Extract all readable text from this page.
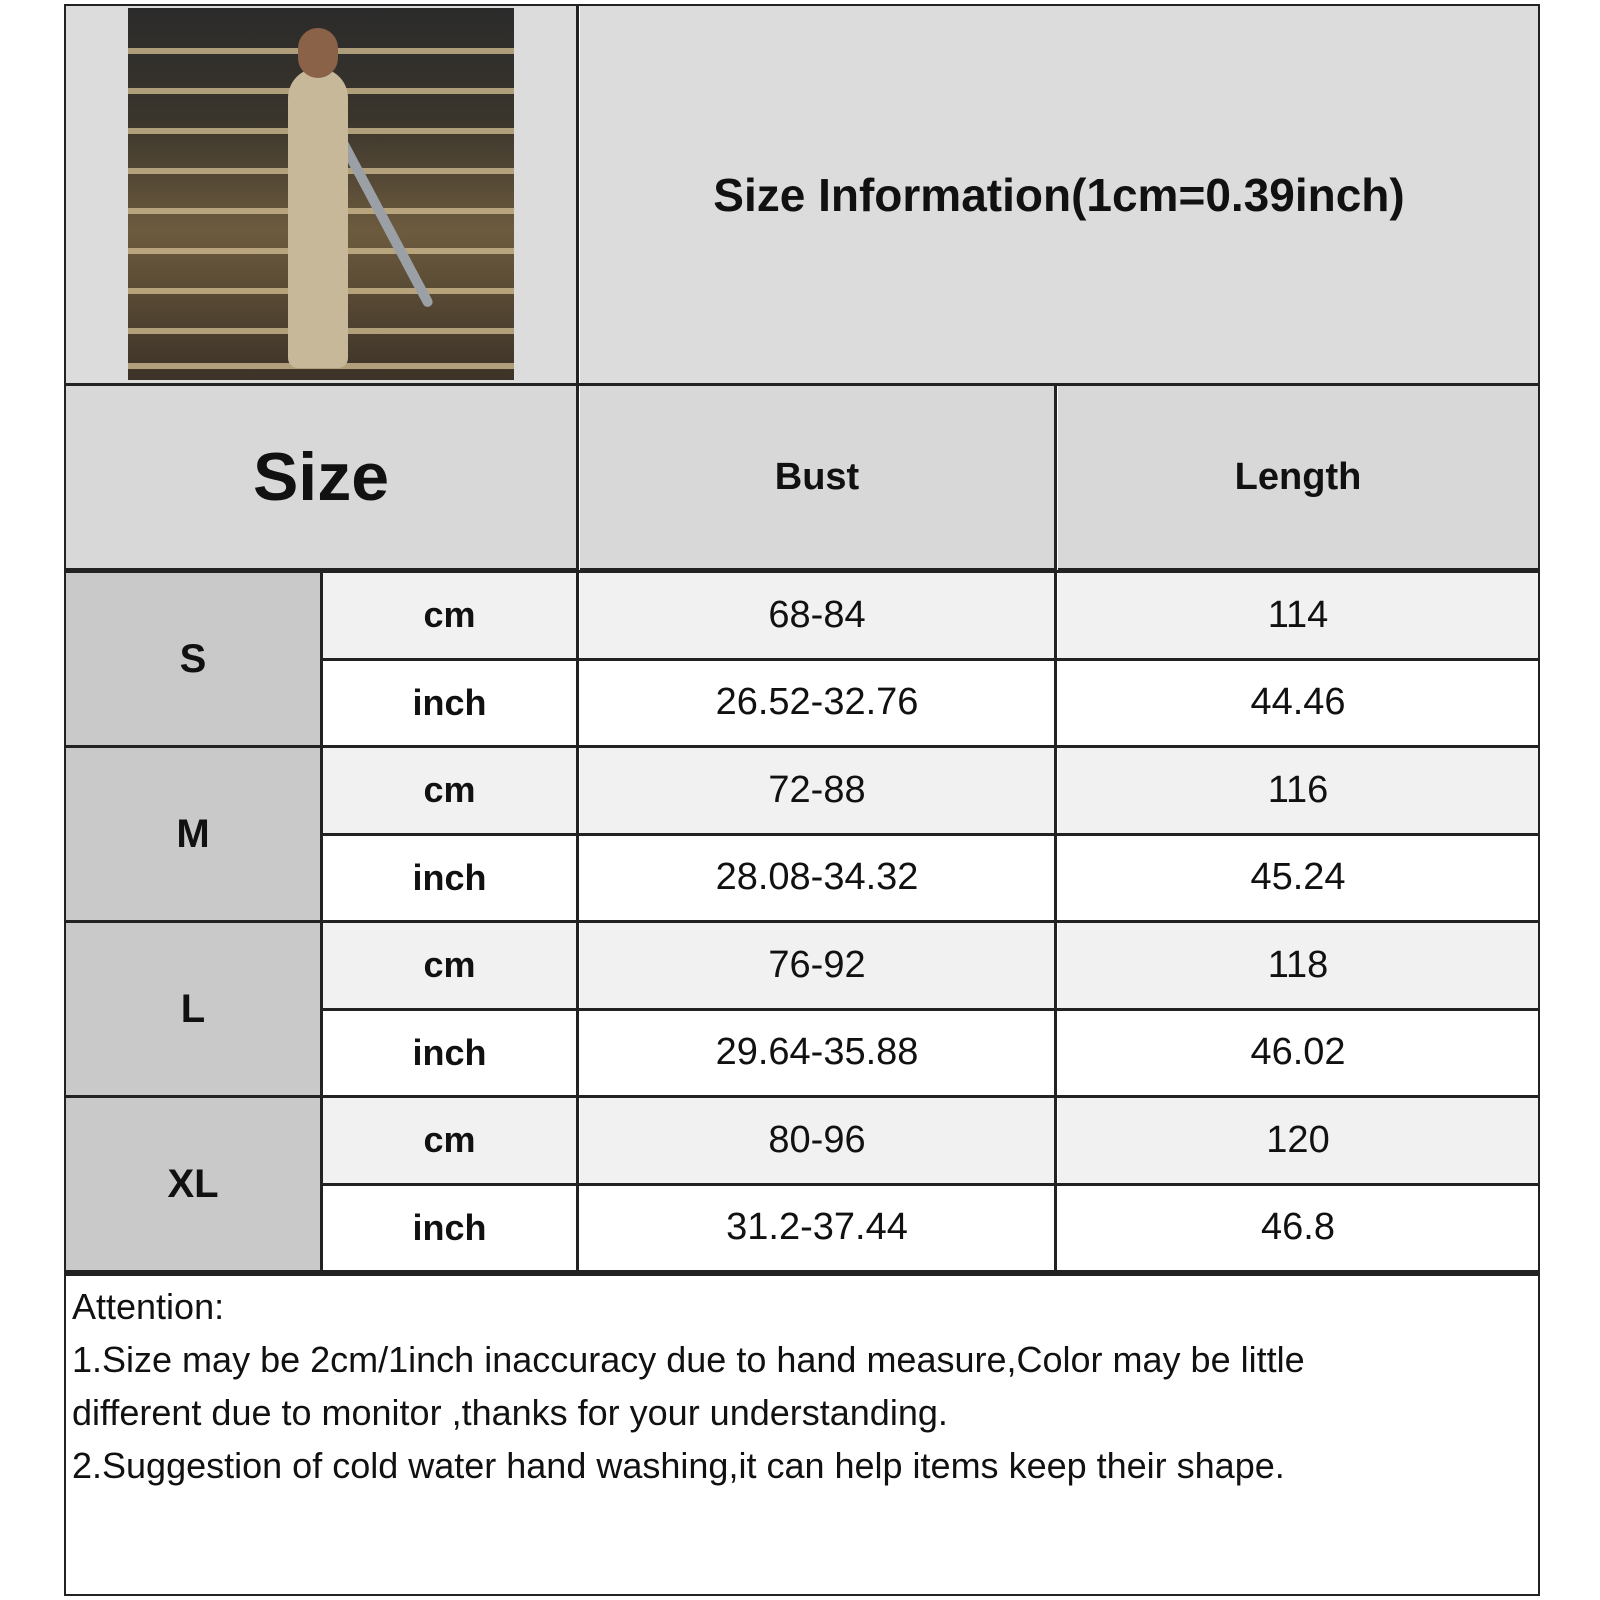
Size Information(1cm=0.39inch)
Size	Bust	Length
S
cm	68-84	114
inch	26.52-32.76	44.46
M
cm	72-88	116
inch	28.08-34.32	45.24
L
cm	76-92	118
inch	29.64-35.88	46.02
XL
cm	80-96	120
inch	31.2-37.44	46.8
Attention:
1.Size may be 2cm/1inch inaccuracy due to hand measure,Color may be little
different due to monitor ,thanks for your understanding.
2.Suggestion of cold water hand washing,it can help items keep their shape.
